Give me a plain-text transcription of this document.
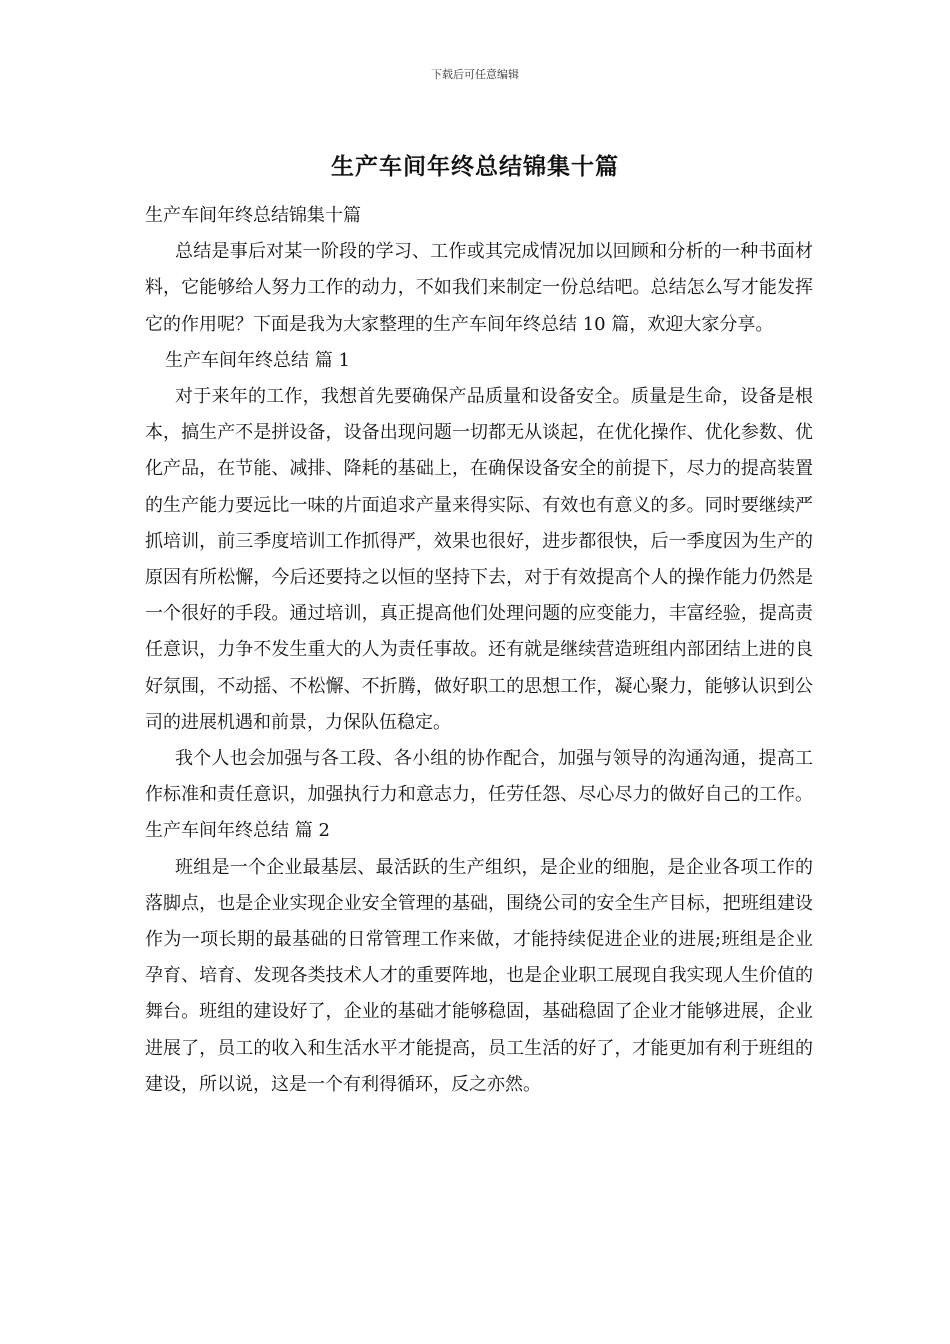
下载后可任意编辑
生产车间年终总结锦集十篇

生产车间年终总结锦集十篇

总结是事后对某一阶段的学习、工作或其完成情况加以回顾和分析的一种书面材料，它能够给人努力工作的动力，不如我们来制定一份总结吧。总结怎么写才能发挥它的作用呢？下面是我为大家整理的生产车间年终总结 10 篇，欢迎大家分享。

生产车间年终总结 篇 1

对于来年的工作，我想首先要确保产品质量和设备安全。质量是生命，设备是根本，搞生产不是拼设备，设备出现问题一切都无从谈起，在优化操作、优化参数、优化产品，在节能、减排、降耗的基础上，在确保设备安全的前提下，尽力的提高装置的生产能力要远比一味的片面追求产量来得实际、有效也有意义的多。同时要继续严抓培训，前三季度培训工作抓得严，效果也很好，进步都很快，后一季度因为生产的原因有所松懈，今后还要持之以恒的坚持下去，对于有效提高个人的操作能力仍然是一个很好的手段。通过培训，真正提高他们处理问题的应变能力，丰富经验，提高责任意识，力争不发生重大的人为责任事故。还有就是继续营造班组内部团结上进的良好氛围，不动摇、不松懈、不折腾，做好职工的思想工作，凝心聚力，能够认识到公司的进展机遇和前景，力保队伍稳定。

我个人也会加强与各工段、各小组的协作配合，加强与领导的沟通沟通，提高工作标准和责任意识，加强执行力和意志力，任劳任怨、尽心尽力的做好自己的工作。生产车间年终总结 篇 2

班组是一个企业最基层、最活跃的生产组织，是企业的细胞，是企业各项工作的落脚点，也是企业实现企业安全管理的基础，围绕公司的安全生产目标，把班组建设作为一项长期的最基础的日常管理工作来做，才能持续促进企业的进展;班组是企业孕育、培育、发现各类技术人才的重要阵地，也是企业职工展现自我实现人生价值的舞台。班组的建设好了，企业的基础才能够稳固，基础稳固了企业才能够进展，企业进展了，员工的收入和生活水平才能提高，员工生活的好了，才能更加有利于班组的建设，所以说，这是一个有利得循环，反之亦然。
